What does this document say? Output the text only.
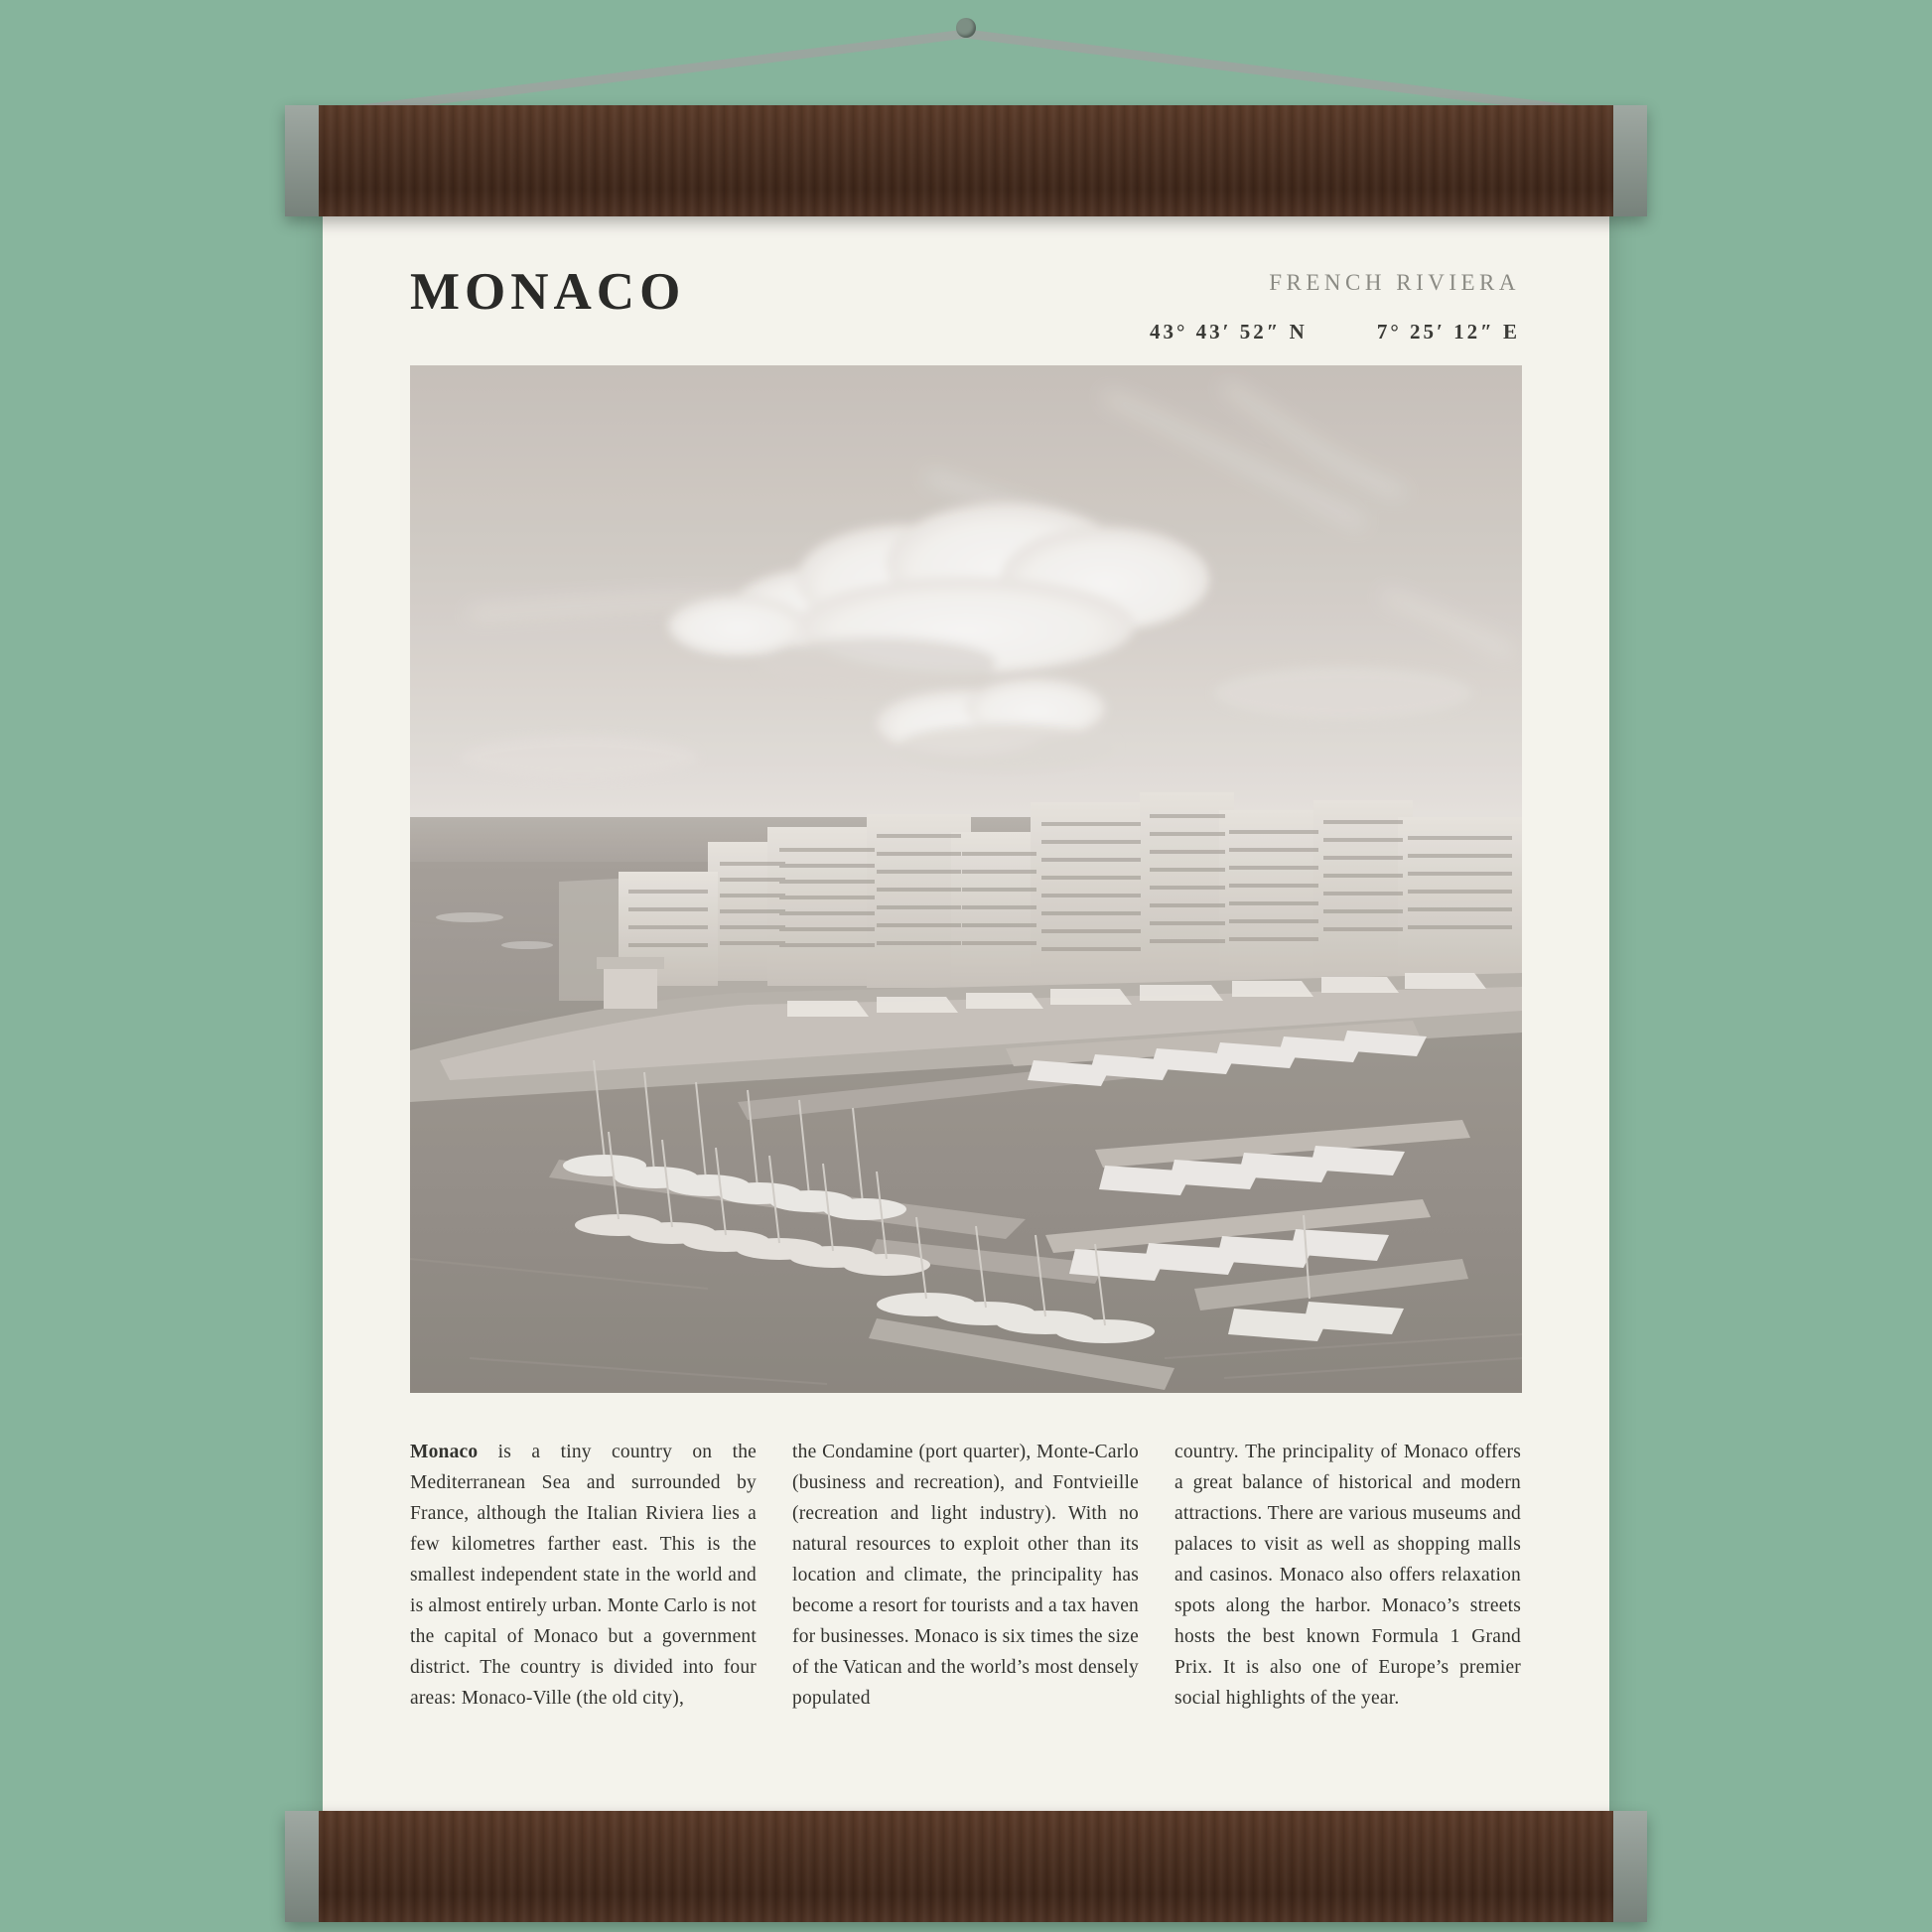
MONACO	FRENCH RIVIERA
43° 43′ 52″ N	7° 25′ 12″ E
Monaco is a tiny country on the Mediterranean Sea and surrounded by France, although the Italian Riviera lies a few kilometres farther east. This is the smallest independent state in the world and is almost entirely urban. Monte Carlo is not the capital of Monaco but a government district. The country is divided into four areas: Monaco-Ville (the old city),
the Condamine (port quarter), Monte-Carlo (business and recreation), and Fontvieille (recreation and light industry). With no natural resources to exploit other than its location and climate, the principality has become a resort for tourists and a tax haven for businesses. Monaco is six times the size of the Vatican and the world’s most densely populated
country. The principality of Monaco offers a great balance of historical and modern attractions. There are various museums and palaces to visit as well as shopping malls and casinos. Monaco also offers relaxation spots along the harbor. Monaco’s streets hosts the best known Formula 1 Grand Prix. It is also one of Europe’s premier social highlights of the year.
